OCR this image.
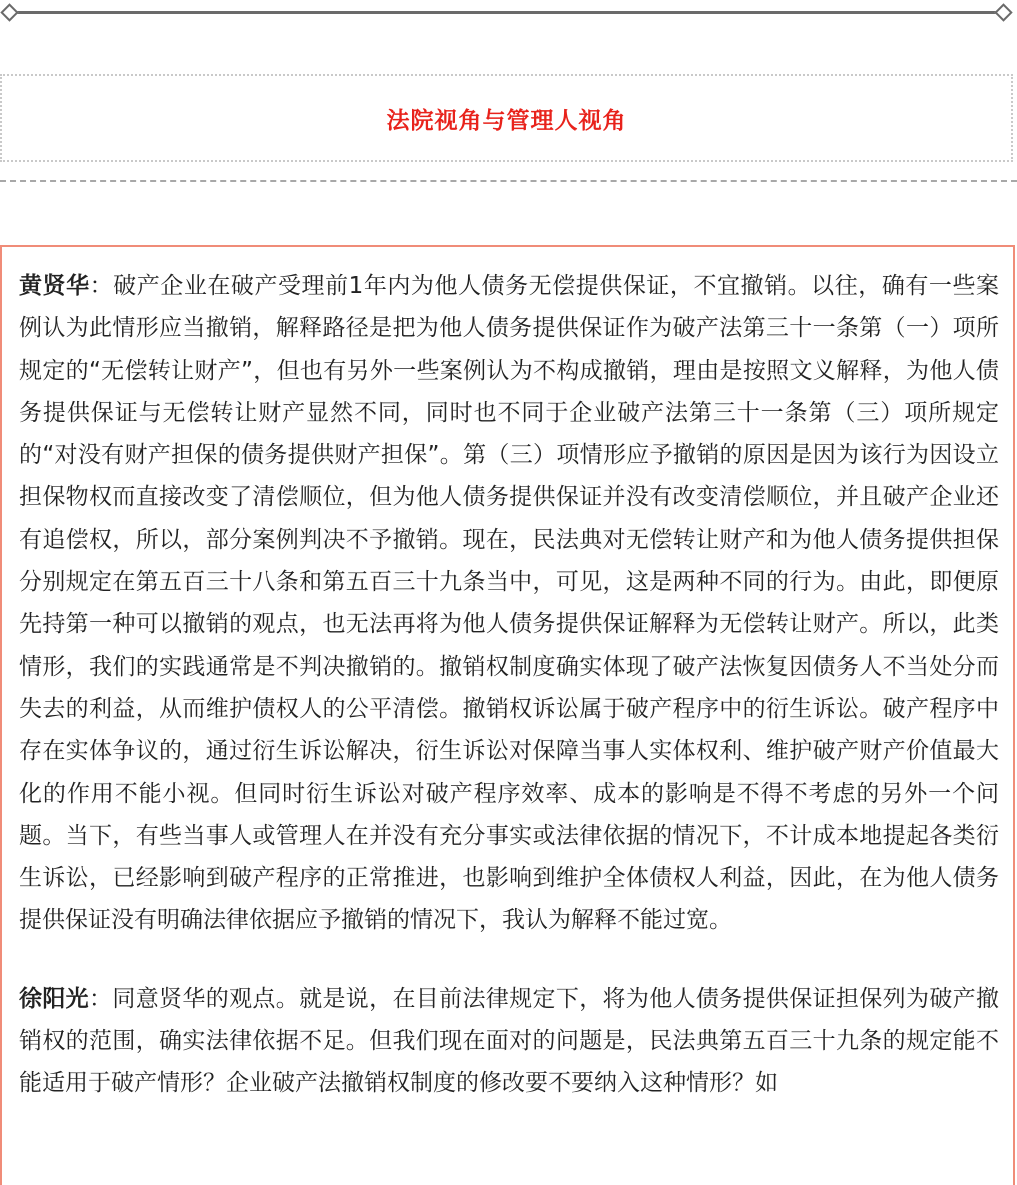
法院视角与管理人视角

黄贤华：破产企业在破产受理前1年内为他人债务无偿提供保证，不宜撤销。以往，确有一些案例认为此情形应当撤销，解释路径是把为他人债务提供保证作为破产法第三十一条第（一）项所规定的“无偿转让财产”，但也有另外一些案例认为不构成撤销，理由是按照文义解释，为他人债务提供保证与无偿转让财产显然不同，同时也不同于企业破产法第三十一条第（三）项所规定的“对没有财产担保的债务提供财产担保”。第（三）项情形应予撤销的原因是因为该行为因设立担保物权而直接改变了清偿顺位，但为他人债务提供保证并没有改变清偿顺位，并且破产企业还有追偿权，所以，部分案例判决不予撤销。现在，民法典对无偿转让财产和为他人债务提供担保分别规定在第五百三十八条和第五百三十九条当中，可见，这是两种不同的行为。由此，即便原先持第一种可以撤销的观点，也无法再将为他人债务提供保证解释为无偿转让财产。所以，此类情形，我们的实践通常是不判决撤销的。撤销权制度确实体现了破产法恢复因债务人不当处分而失去的利益，从而维护债权人的公平清偿。撤销权诉讼属于破产程序中的衍生诉讼。破产程序中存在实体争议的，通过衍生诉讼解决，衍生诉讼对保障当事人实体权利、维护破产财产价值最大化的作用不能小视。但同时衍生诉讼对破产程序效率、成本的影响是不得不考虑的另外一个问题。当下，有些当事人或管理人在并没有充分事实或法律依据的情况下，不计成本地提起各类衍生诉讼，已经影响到破产程序的正常推进，也影响到维护全体债权人利益，因此，在为他人债务提供保证没有明确法律依据应予撤销的情况下，我认为解释不能过宽。

徐阳光：同意贤华的观点。就是说，在目前法律规定下，将为他人债务提供保证担保列为破产撤销权的范围，确实法律依据不足。但我们现在面对的问题是，民法典第五百三十九条的规定能不能适用于破产情形？企业破产法撤销权制度的修改要不要纳入这种情形？如
